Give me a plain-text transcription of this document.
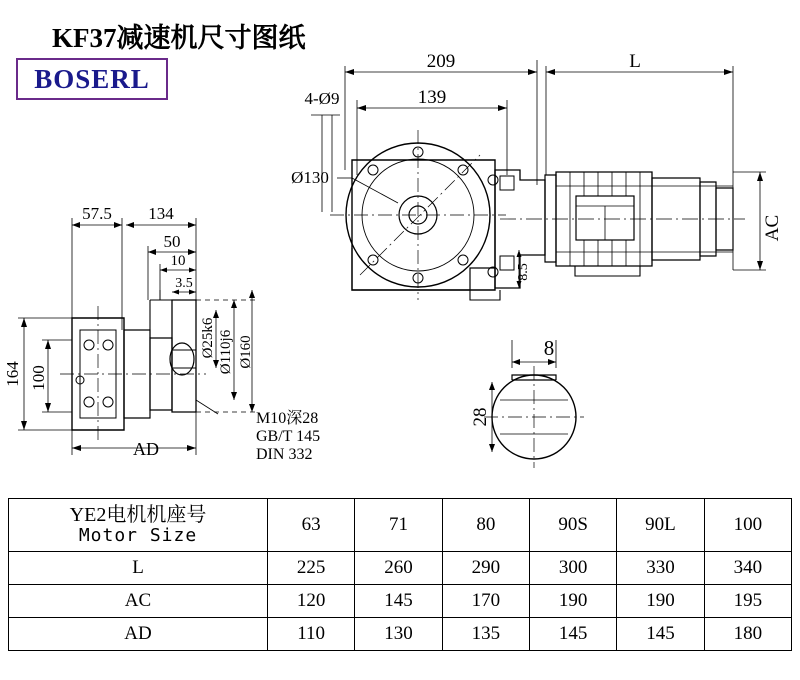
KF37减速机尺寸图纸
BOSERL
209	L
4-Ø9	139
Ø130
AC
8.5
57.5 134
50
10
3.5
Ø25k6 Ø110j6 Ø160
164 100
AD
M10深28
GB/T 145
DIN 332
8
28
YE2电机机座号
Motor Size	63	71	80	90S	90L	100
L	225	260	290	300	330	340
AC	120	145	170	190	190	195
AD	110	130	135	145	145	180
